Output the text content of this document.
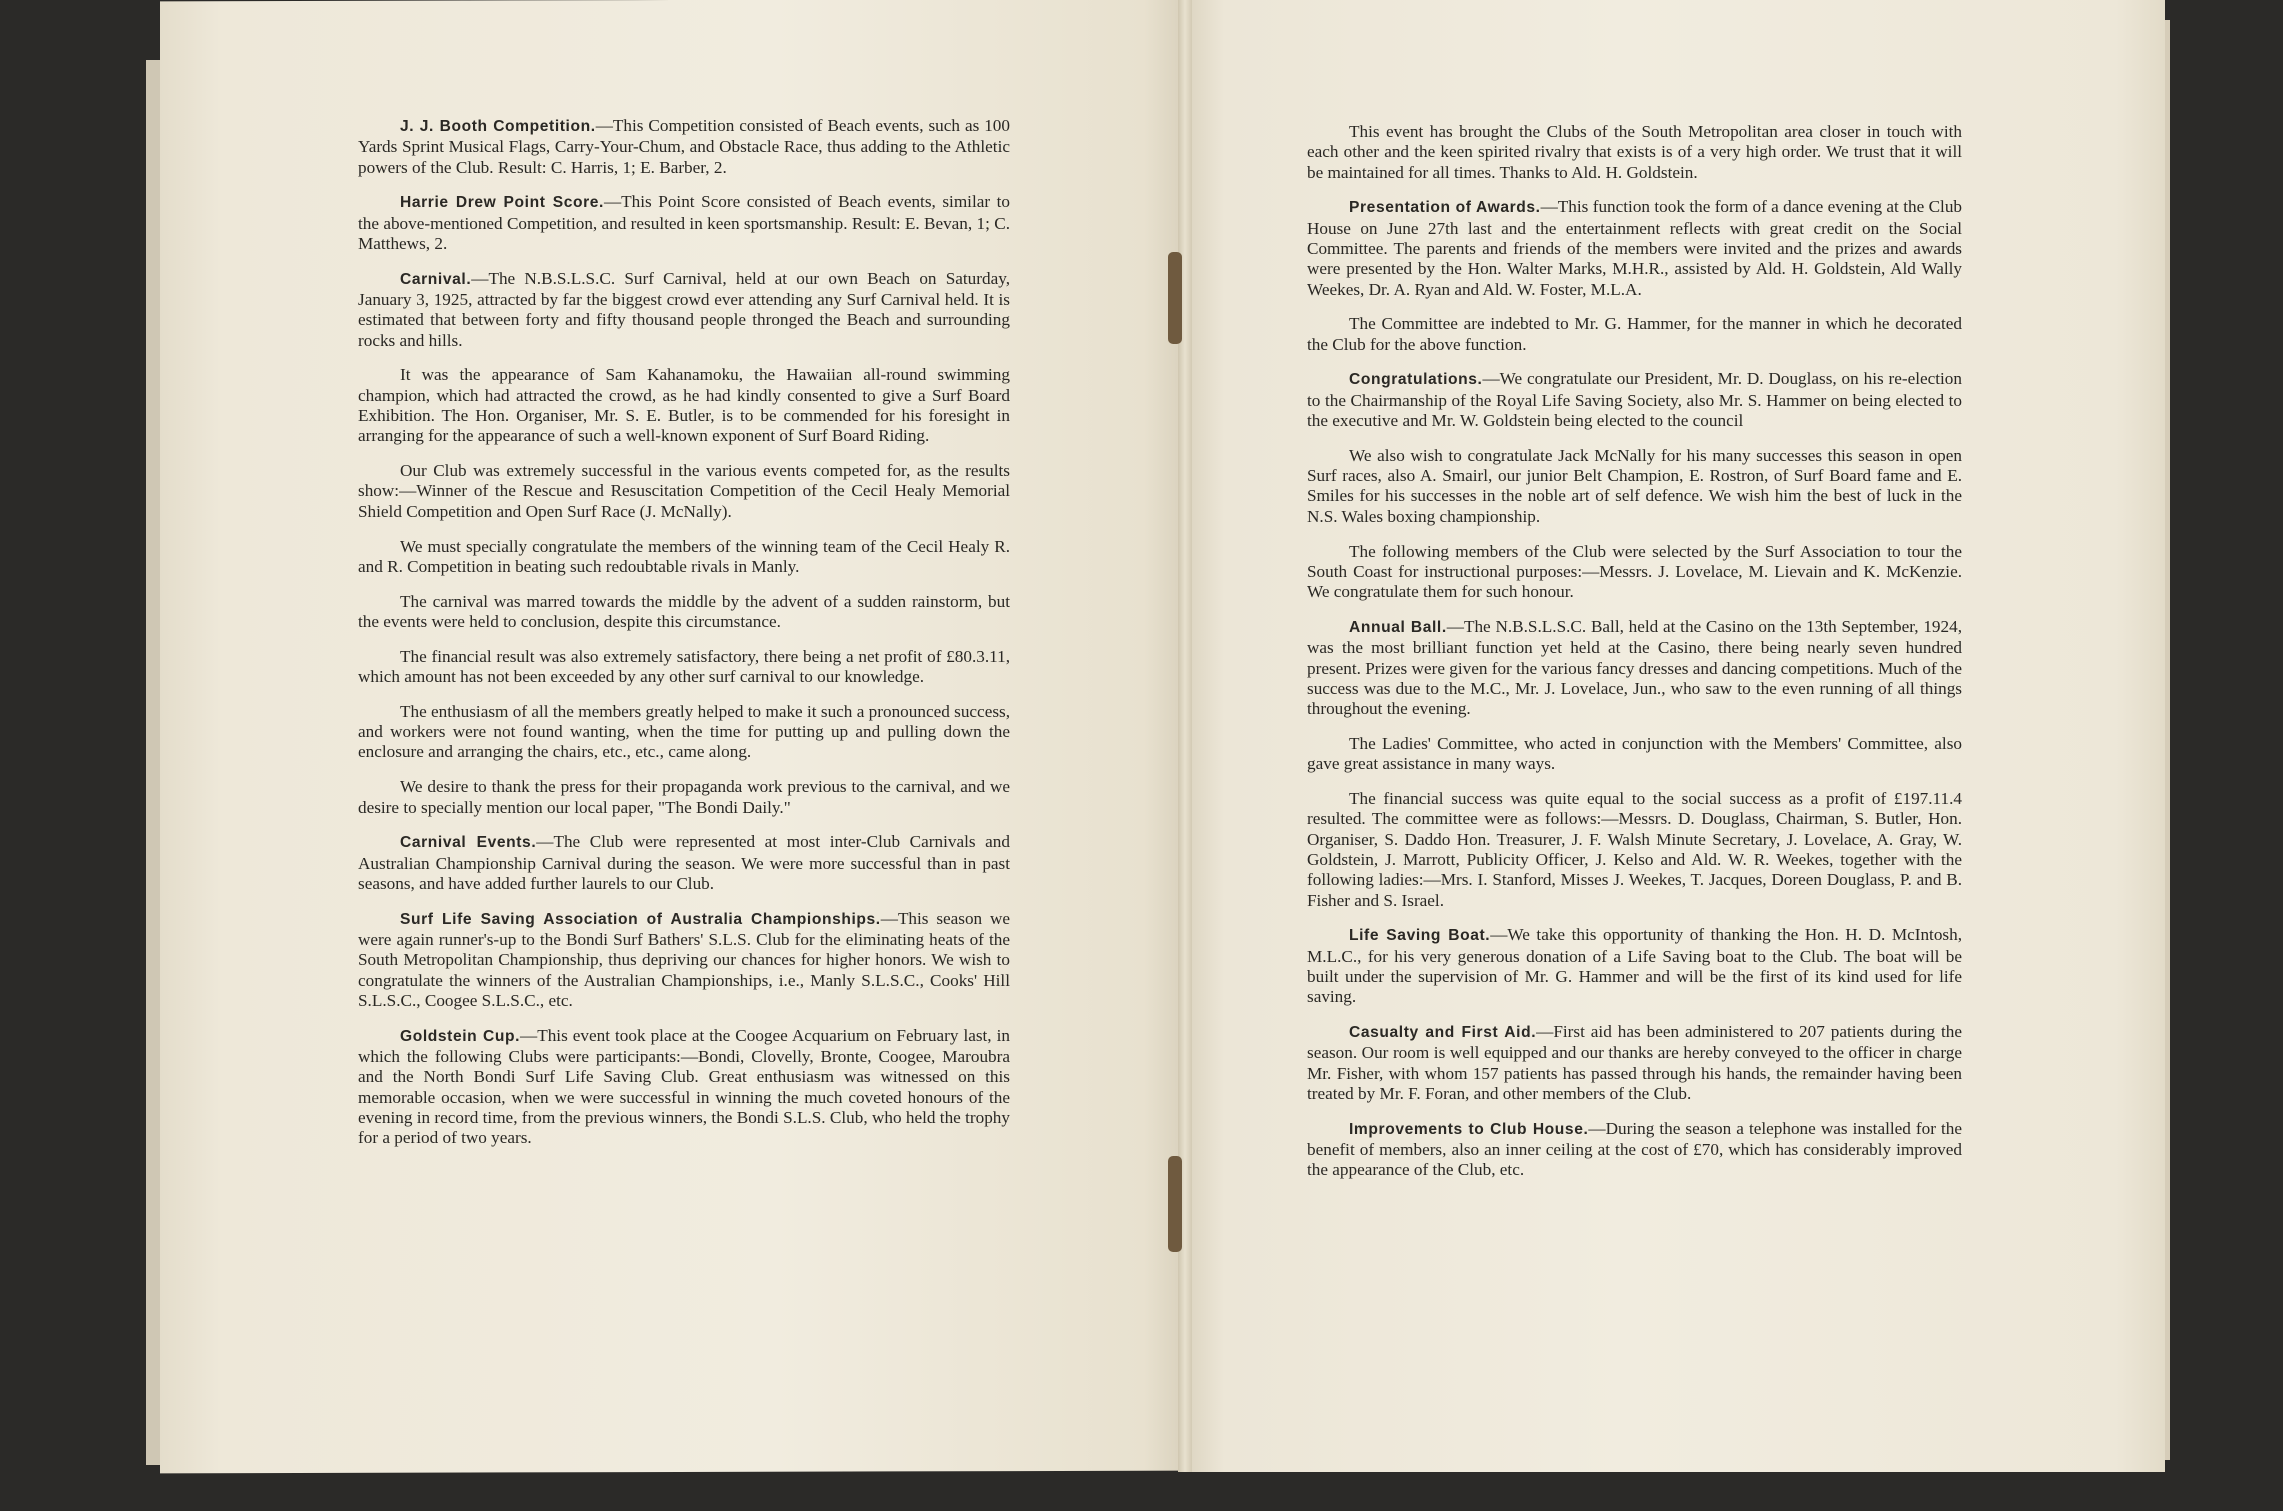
J. J. Booth Competition.—This Competition consisted of Beach events, such as 100 Yards Sprint Musical Flags, Carry-Your-Chum, and Obstacle Race, thus adding to the Athletic powers of the Club. Result: C. Harris, 1; E. Barber, 2.

Harrie Drew Point Score.—This Point Score consisted of Beach events, similar to the above-mentioned Competition, and resulted in keen sportsmanship. Result: E. Bevan, 1; C. Matthews, 2.

Carnival.—The N.B.S.L.S.C. Surf Carnival, held at our own Beach on Saturday, January 3, 1925, attracted by far the biggest crowd ever attending any Surf Carnival held. It is estimated that between forty and fifty thousand people thronged the Beach and surrounding rocks and hills.

It was the appearance of Sam Kahanamoku, the Hawaiian all-round swimming champion, which had attracted the crowd, as he had kindly consented to give a Surf Board Exhibition. The Hon. Organiser, Mr. S. E. Butler, is to be commended for his foresight in arranging for the appearance of such a well-known exponent of Surf Board Riding.

Our Club was extremely successful in the various events competed for, as the results show:—Winner of the Rescue and Resuscitation Competition of the Cecil Healy Memorial Shield Competition and Open Surf Race (J. McNally).

We must specially congratulate the members of the winning team of the Cecil Healy R. and R. Competition in beating such redoubtable rivals in Manly.

The carnival was marred towards the middle by the advent of a sudden rainstorm, but the events were held to conclusion, despite this circumstance.

The financial result was also extremely satisfactory, there being a net profit of £80.3.11, which amount has not been exceeded by any other surf carnival to our knowledge.

The enthusiasm of all the members greatly helped to make it such a pronounced success, and workers were not found wanting, when the time for putting up and pulling down the enclosure and arranging the chairs, etc., etc., came along.

We desire to thank the press for their propaganda work previous to the carnival, and we desire to specially mention our local paper, "The Bondi Daily."

Carnival Events.—The Club were represented at most inter-Club Carnivals and Australian Championship Carnival during the season. We were more successful than in past seasons, and have added further laurels to our Club.

Surf Life Saving Association of Australia Championships.—This season we were again runner's-up to the Bondi Surf Bathers' S.L.S. Club for the eliminating heats of the South Metropolitan Championship, thus depriving our chances for higher honors. We wish to congratulate the winners of the Australian Championships, i.e., Manly S.L.S.C., Cooks' Hill S.L.S.C., Coogee S.L.S.C., etc.

Goldstein Cup.—This event took place at the Coogee Acquarium on February last, in which the following Clubs were participants:—Bondi, Clovelly, Bronte, Coogee, Maroubra and the North Bondi Surf Life Saving Club. Great enthusiasm was witnessed on this memorable occasion, when we were successful in winning the much coveted honours of the evening in record time, from the previous winners, the Bondi S.L.S. Club, who held the trophy for a period of two years.

This event has brought the Clubs of the South Metropolitan area closer in touch with each other and the keen spirited rivalry that exists is of a very high order. We trust that it will be maintained for all times. Thanks to Ald. H. Goldstein.

Presentation of Awards.—This function took the form of a dance evening at the Club House on June 27th last and the entertainment reflects with great credit on the Social Committee. The parents and friends of the members were invited and the prizes and awards were presented by the Hon. Walter Marks, M.H.R., assisted by Ald. H. Goldstein, Ald Wally Weekes, Dr. A. Ryan and Ald. W. Foster, M.L.A.

The Committee are indebted to Mr. G. Hammer, for the manner in which he decorated the Club for the above function.

Congratulations.—We congratulate our President, Mr. D. Douglass, on his re-election to the Chairmanship of the Royal Life Saving Society, also Mr. S. Hammer on being elected to the executive and Mr. W. Goldstein being elected to the council

We also wish to congratulate Jack McNally for his many successes this season in open Surf races, also A. Smairl, our junior Belt Champion, E. Rostron, of Surf Board fame and E. Smiles for his successes in the noble art of self defence. We wish him the best of luck in the N.S. Wales boxing championship.

The following members of the Club were selected by the Surf Association to tour the South Coast for instructional purposes:—Messrs. J. Lovelace, M. Lievain and K. McKenzie. We congratulate them for such honour.

Annual Ball.—The N.B.S.L.S.C. Ball, held at the Casino on the 13th September, 1924, was the most brilliant function yet held at the Casino, there being nearly seven hundred present. Prizes were given for the various fancy dresses and dancing competitions. Much of the success was due to the M.C., Mr. J. Lovelace, Jun., who saw to the even running of all things throughout the evening.

The Ladies' Committee, who acted in conjunction with the Members' Committee, also gave great assistance in many ways.

The financial success was quite equal to the social success as a profit of £197.11.4 resulted. The committee were as follows:—Messrs. D. Douglass, Chairman, S. Butler, Hon. Organiser, S. Daddo Hon. Treasurer, J. F. Walsh Minute Secretary, J. Lovelace, A. Gray, W. Goldstein, J. Marrott, Publicity Officer, J. Kelso and Ald. W. R. Weekes, together with the following ladies:—Mrs. I. Stanford, Misses J. Weekes, T. Jacques, Doreen Douglass, P. and B. Fisher and S. Israel.

Life Saving Boat.—We take this opportunity of thanking the Hon. H. D. McIntosh, M.L.C., for his very generous donation of a Life Saving boat to the Club. The boat will be built under the supervision of Mr. G. Hammer and will be the first of its kind used for life saving.

Casualty and First Aid.—First aid has been administered to 207 patients during the season. Our room is well equipped and our thanks are hereby conveyed to the officer in charge Mr. Fisher, with whom 157 patients has passed through his hands, the remainder having been treated by Mr. F. Foran, and other members of the Club.

Improvements to Club House.—During the season a telephone was installed for the benefit of members, also an inner ceiling at the cost of £70, which has considerably improved the appearance of the Club, etc.
